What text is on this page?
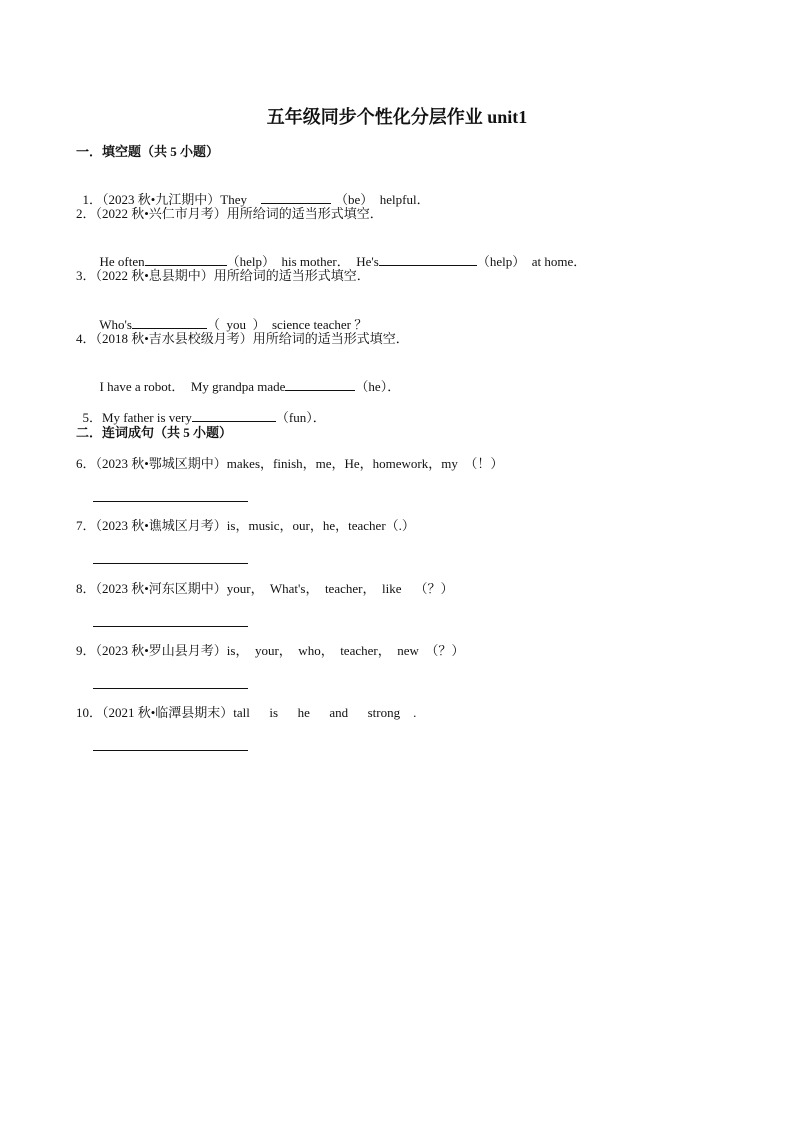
五年级同步个性化分层作业 unit1
一．填空题（共 5 小题）

1．（2023 秋•九江期中）They	（be）  helpful．

2．（2022 秋•兴仁市月考）用所给词的适当形式填空．

He often	（help）  his mother．  He's	（help）  at home．

3．（2022 秋•息县期中）用所给词的适当形式填空．

Who's	（  you  ）  science teacher ？

4．（2018 秋•吉水县校级月考）用所给词的适当形式填空．

I have a robot．  My grandpa made	（he）．

5．My father is very	（fun）．

二．连词成句（共 5 小题）
6．（2023 秋•鄂城区期中）makes，finish，me，He，homework，my  （！）
7．（2023 秋•谯城区月考）is，music，our，he，teacher（.）
8．（2023 秋•河东区期中）your，  What's，  teacher，  like    （？）
9．（2023 秋•罗山县月考）is，  your，  who，  teacher，  new  （？）
10．（2021 秋•临潭县期末）tall      is      he      and      strong    .
